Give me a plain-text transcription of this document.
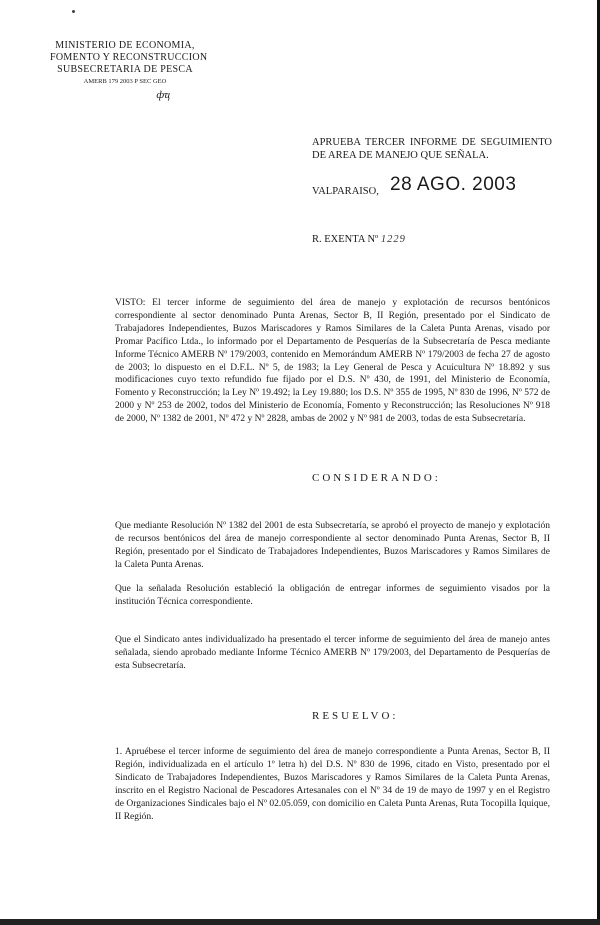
MINISTERIO DE ECONOMIA,
FOMENTO Y RECONSTRUCCION
SUBSECRETARIA DE PESCA
AMERB 179 2003 P SEC GEO
фҵ
APRUEBA TERCER INFORME DE SEGUIMIENTO DE AREA DE MANEJO QUE SEÑALA.
VALPARAISO, 28 AGO. 2003
R. EXENTA Nº 1229
VISTO: El tercer informe de seguimiento del área de manejo y explotación de recursos bentónicos correspondiente al sector denominado Punta Arenas, Sector B, II Región, presentado por el Sindicato de Trabajadores Independientes, Buzos Mariscadores y Ramos Similares de la Caleta Punta Arenas, visado por Promar Pacífico Ltda., lo informado por el Departamento de Pesquerías de la Subsecretaría de Pesca mediante Informe Técnico AMERB Nº 179/2003, contenido en Memorándum AMERB Nº 179/2003 de fecha 27 de agosto de 2003; lo dispuesto en el D.F.L. Nº 5, de 1983; la Ley General de Pesca y Acuicultura Nº 18.892 y sus modificaciones cuyo texto refundido fue fijado por el D.S. Nº 430, de 1991, del Ministerio de Economía, Fomento y Reconstrucción; la Ley Nº 19.492; la Ley 19.880; los D.S. Nº 355 de 1995, Nº 830 de 1996, Nº 572 de 2000 y Nº 253 de 2002, todos del Ministerio de Economía, Fomento y Reconstrucción; las Resoluciones Nº 918 de 2000, Nº 1382 de 2001, Nº 472 y Nº 2828, ambas de 2002 y Nº 981 de 2003, todas de esta Subsecretaría.
CONSIDERANDO:
Que mediante Resolución Nº 1382 del 2001 de esta Subsecretaría, se aprobó el proyecto de manejo y explotación de recursos bentónicos del área de manejo correspondiente al sector denominado Punta Arenas, Sector B, II Región, presentado por el Sindicato de Trabajadores Independientes, Buzos Mariscadores y Ramos Similares de la Caleta Punta Arenas.
Que la señalada Resolución estableció la obligación de entregar informes de seguimiento visados por la institución Técnica correspondiente.
Que el Sindicato antes individualizado ha presentado el tercer informe de seguimiento del área de manejo antes señalada, siendo aprobado mediante Informe Técnico AMERB Nº 179/2003, del Departamento de Pesquerías de esta Subsecretaría.
RESUELVO:
1. Apruébese el tercer informe de seguimiento del área de manejo correspondiente a Punta Arenas, Sector B, II Región, individualizada en el artículo 1º letra h) del D.S. Nº 830 de 1996, citado en Visto, presentado por el Sindicato de Trabajadores Independientes, Buzos Mariscadores y Ramos Similares de la Caleta Punta Arenas, inscrito en el Registro Nacional de Pescadores Artesanales con el Nº 34 de 19 de mayo de 1997 y en el Registro de Organizaciones Sindicales bajo el Nº 02.05.059, con domicilio en Caleta Punta Arenas, Ruta Tocopilla Iquique, II Región.
